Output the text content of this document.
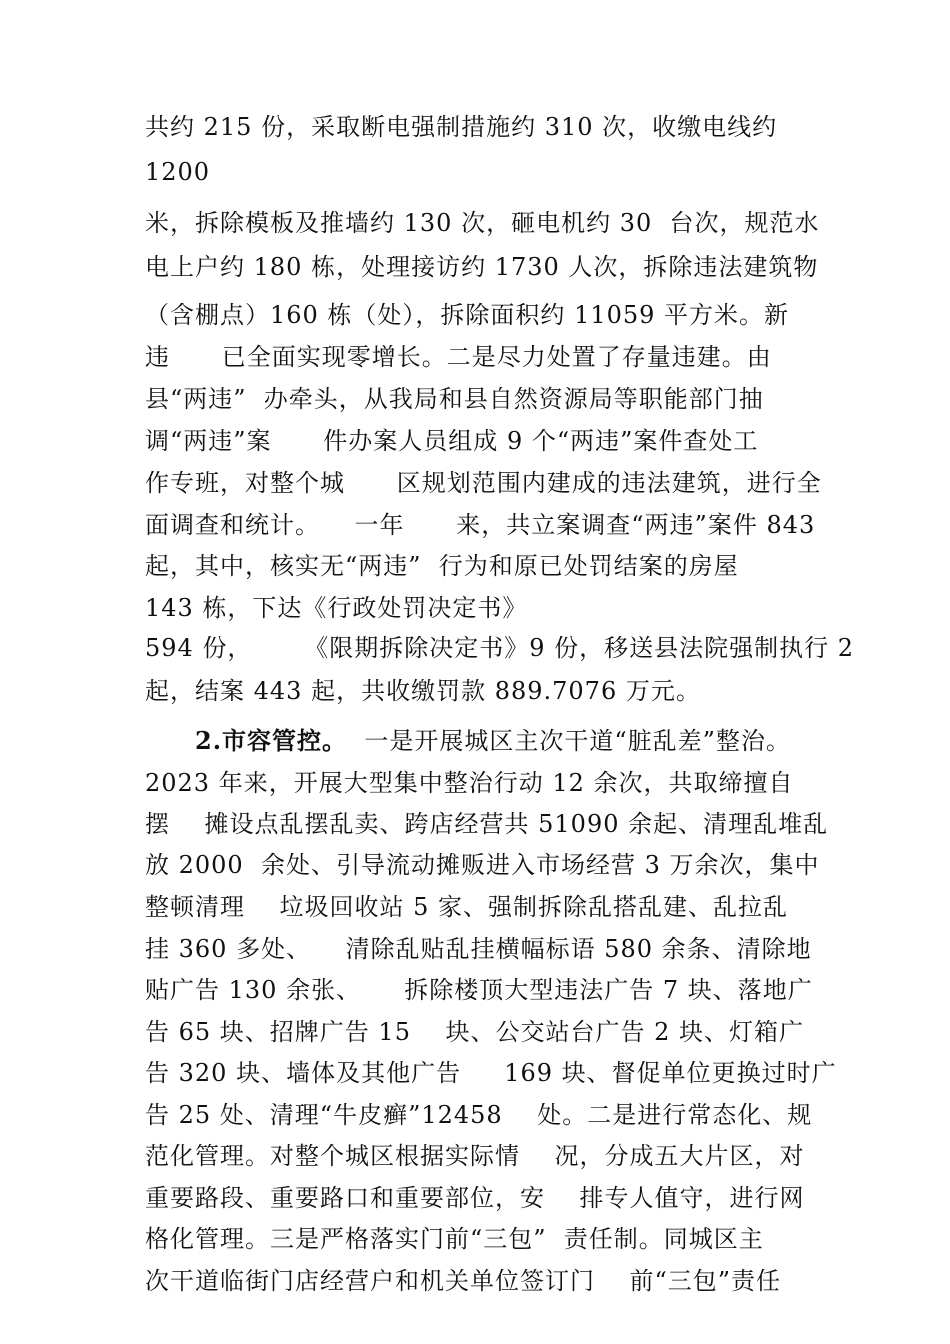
共约 215 份，采取断电强制措施约 310 次，收缴电线约
1200
米，拆除模板及推墙约 130 次，砸电机约 30  台次，规范水
电上户约 180 栋，处理接访约 1730 人次，拆除违法建筑物
（含棚点）160 栋（处），拆除面积约 11059 平方米。新
违      已全面实现零增长。二是尽力处置了存量违建。由
县“两违”  办牵头，从我局和县自然资源局等职能部门抽
调“两违”案      件办案人员组成 9 个“两违”案件查处工
作专班，对整个城      区规划范围内建成的违法建筑，进行全
面调查和统计。    一年      来，共立案调查“两违”案件 843
起，其中，核实无“两违”  行为和原已处罚结案的房屋
143 栋，下达《行政处罚决定书》
594 份，      《限期拆除决定书》9 份，移送县法院强制执行 2
起，结案 443 起，共收缴罚款 889.7076 万元。
2.市容管控。  一是开展城区主次干道“脏乱差”整治。
2023 年来，开展大型集中整治行动 12 余次，共取缔擅自
摆    摊设点乱摆乱卖、跨店经营共 51090 余起、清理乱堆乱
放 2000  余处、引导流动摊贩进入市场经营 3 万余次，集中
整顿清理    垃圾回收站 5 家、强制拆除乱搭乱建、乱拉乱
挂 360 多处、    清除乱贴乱挂横幅标语 580 余条、清除地
贴广告 130 余张、     拆除楼顶大型违法广告 7 块、落地广
告 65 块、招牌广告 15    块、公交站台广告 2 块、灯箱广
告 320 块、墙体及其他广告     169 块、督促单位更换过时广
告 25 处、清理“牛皮癣”12458    处。二是进行常态化、规
范化管理。对整个城区根据实际情    况，分成五大片区，对
重要路段、重要路口和重要部位，安    排专人值守，进行网
格化管理。三是严格落实门前“三包”  责任制。同城区主
次干道临街门店经营户和机关单位签订门    前“三包”责任
